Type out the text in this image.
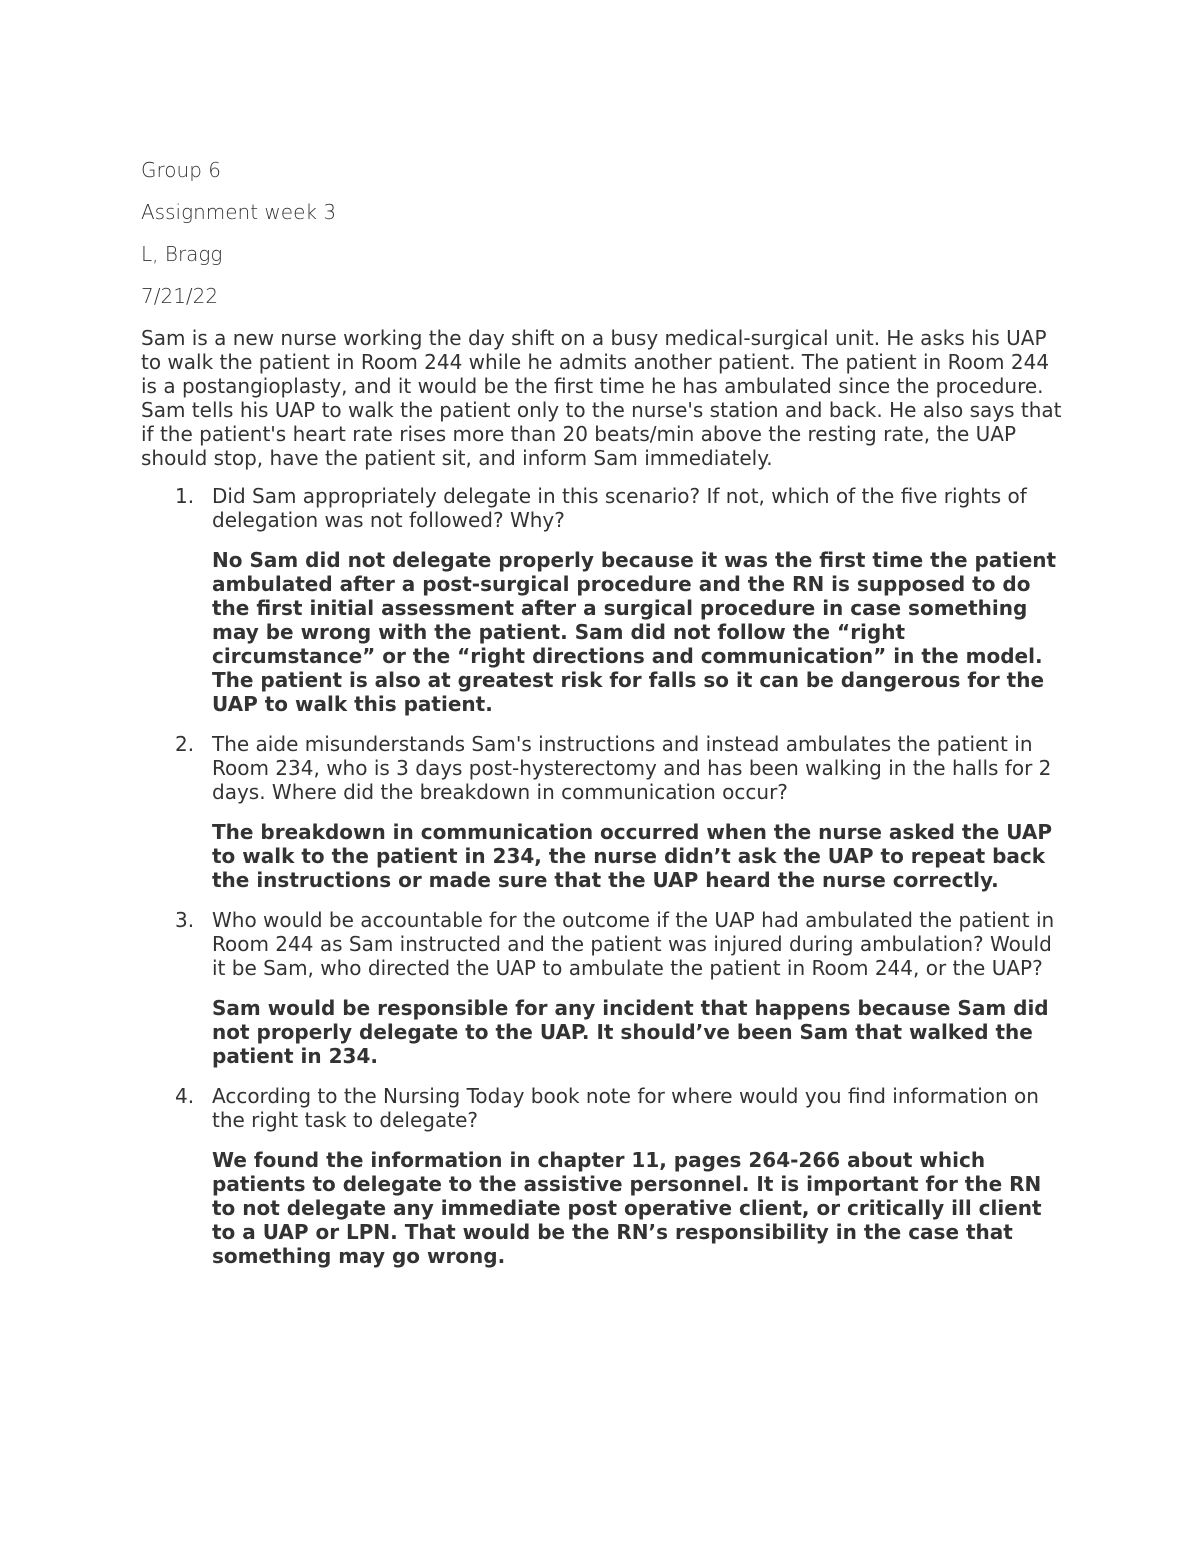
Group 6

Assignment week 3

L, Bragg

7/21/22

Sam is a new nurse working the day shift on a busy medical-surgical unit. He asks his UAP to walk the patient in Room 244 while he admits another patient. The patient in Room 244 is a postangioplasty, and it would be the first time he has ambulated since the procedure. Sam tells his UAP to walk the patient only to the nurse's station and back. He also says that if the patient's heart rate rises more than 20 beats/min above the resting rate, the UAP should stop, have the patient sit, and inform Sam immediately.

1. Did Sam appropriately delegate in this scenario? If not, which of the five rights of delegation was not followed? Why?

No Sam did not delegate properly because it was the first time the patient ambulated after a post-surgical procedure and the RN is supposed to do the first initial assessment after a surgical procedure in case something may be wrong with the patient. Sam did not follow the “right circumstance” or the “right directions and communication” in the model. The patient is also at greatest risk for falls so it can be dangerous for the UAP to walk this patient.

2. The aide misunderstands Sam's instructions and instead ambulates the patient in Room 234, who is 3 days post-hysterectomy and has been walking in the halls for 2 days. Where did the breakdown in communication occur?

The breakdown in communication occurred when the nurse asked the UAP to walk to the patient in 234, the nurse didn’t ask the UAP to repeat back the instructions or made sure that the UAP heard the nurse correctly.

3. Who would be accountable for the outcome if the UAP had ambulated the patient in Room 244 as Sam instructed and the patient was injured during ambulation? Would it be Sam, who directed the UAP to ambulate the patient in Room 244, or the UAP?

Sam would be responsible for any incident that happens because Sam did not properly delegate to the UAP. It should’ve been Sam that walked the patient in 234.

4. According to the Nursing Today book note for where would you find information on the right task to delegate?

We found the information in chapter 11, pages 264-266 about which patients to delegate to the assistive personnel. It is important for the RN to not delegate any immediate post operative client, or critically ill client to a UAP or LPN. That would be the RN’s responsibility in the case that something may go wrong.
